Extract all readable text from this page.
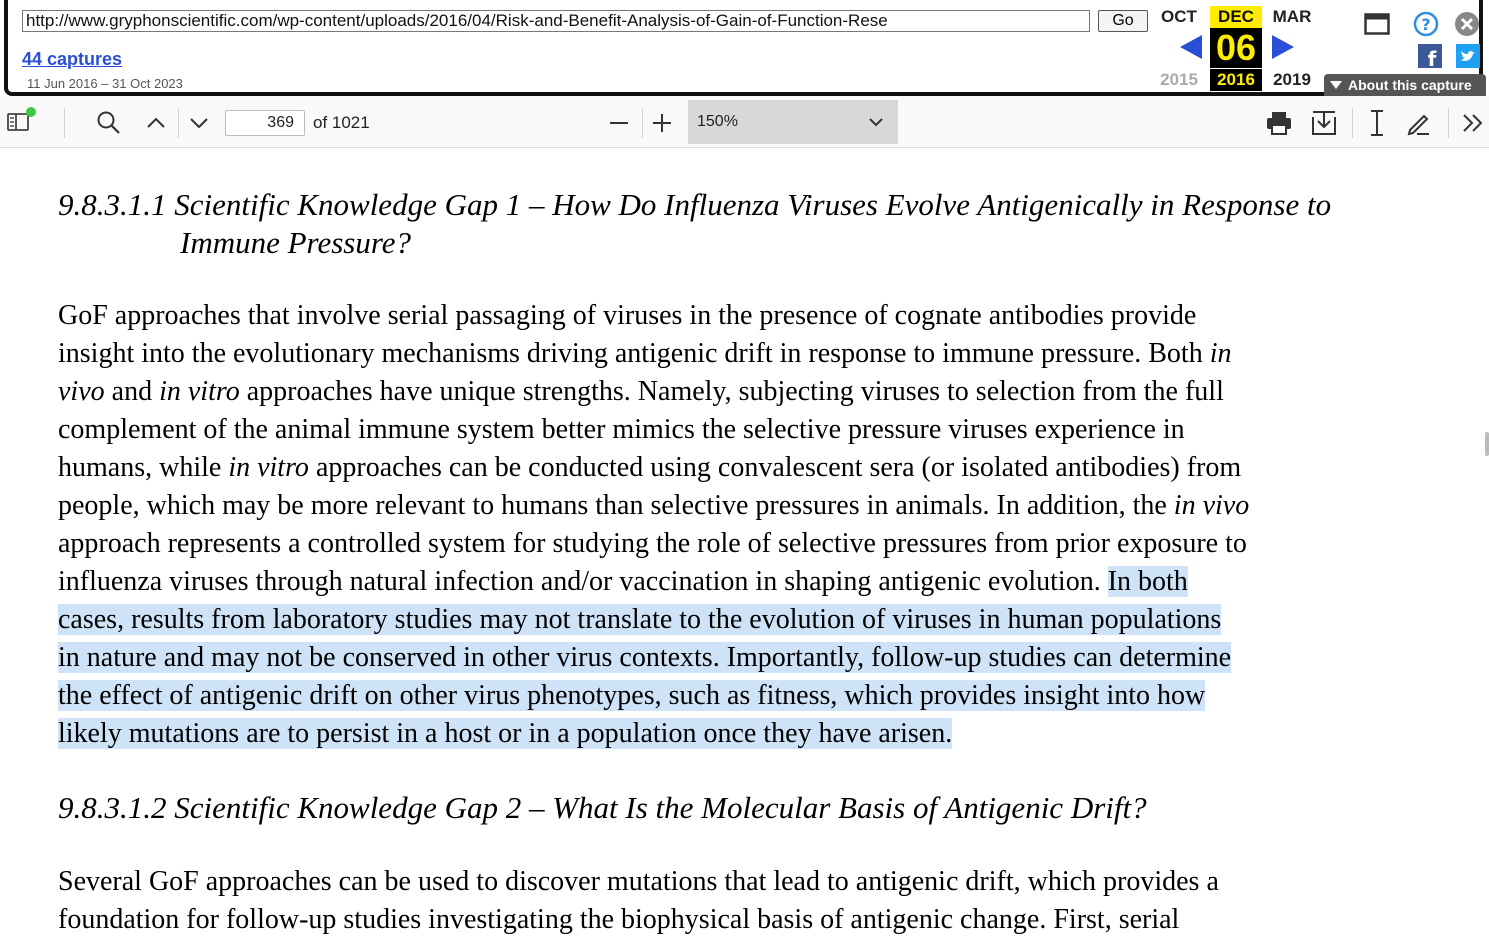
http://www.gryphonscientific.com/wp-content/uploads/2016/04/Risk-and-Benefit-Analysis-of-Gain-of-Function-Rese	Go
44 captures
11 Jun 2016 – 31 Oct 2023
OCT	DEC	MAR
06
2015	2016	2019
?
f
About this capture
369	of 1021	150%
9.8.3.1.1 Scientific Knowledge Gap 1 – How Do Influenza Viruses Evolve Antigenically in Response to
Immune Pressure?
GoF approaches that involve serial passaging of viruses in the presence of cognate antibodies provide
insight into the evolutionary mechanisms driving antigenic drift in response to immune pressure. Both in
vivo and in vitro approaches have unique strengths. Namely, subjecting viruses to selection from the full
complement of the animal immune system better mimics the selective pressure viruses experience in
humans, while in vitro approaches can be conducted using convalescent sera (or isolated antibodies) from
people, which may be more relevant to humans than selective pressures in animals. In addition, the in vivo
approach represents a controlled system for studying the role of selective pressures from prior exposure to
influenza viruses through natural infection and/or vaccination in shaping antigenic evolution. In both
cases, results from laboratory studies may not translate to the evolution of viruses in human populations
in nature and may not be conserved in other virus contexts. Importantly, follow-up studies can determine
the effect of antigenic drift on other virus phenotypes, such as fitness, which provides insight into how
likely mutations are to persist in a host or in a population once they have arisen.
9.8.3.1.2 Scientific Knowledge Gap 2 – What Is the Molecular Basis of Antigenic Drift?
Several GoF approaches can be used to discover mutations that lead to antigenic drift, which provides a
foundation for follow-up studies investigating the biophysical basis of antigenic change. First, serial
